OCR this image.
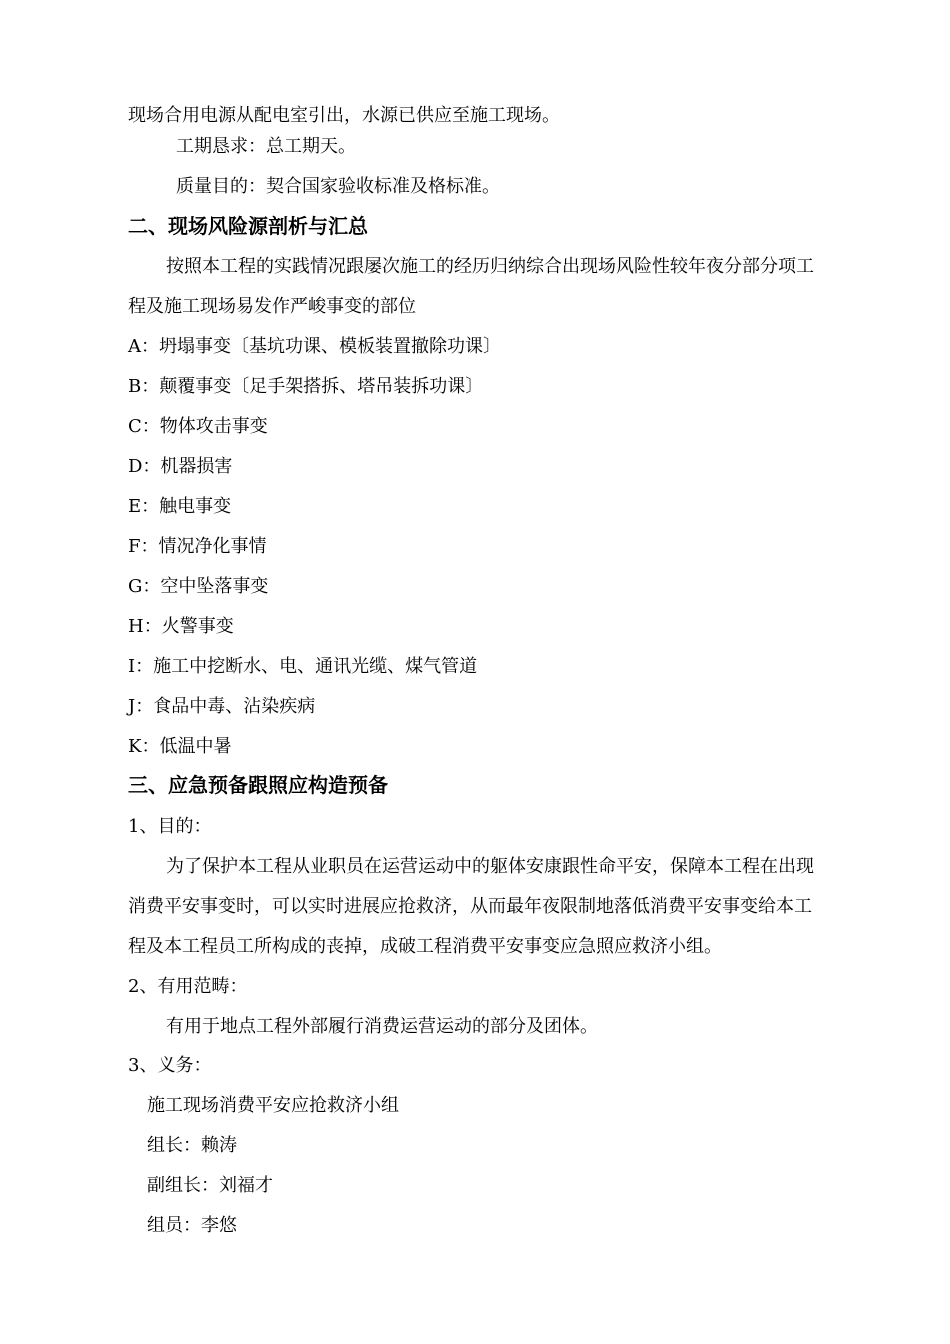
现场合用电源从配电室引出，水源已供应至施工现场。
工期恳求：总工期天。
质量目的：契合国家验收标准及格标准。
二、现场风险源剖析与汇总
按照本工程的实践情况跟屡次施工的经历归纳综合出现场风险性较年夜分部分项工
程及施工现场易发作严峻事变的部位
A：坍塌事变〔基坑功课、模板装置撤除功课〕
B：颠覆事变〔足手架搭拆、塔吊装拆功课〕
C：物体攻击事变
D：机器损害
E：触电事变
F：情况净化事情
G：空中坠落事变
H：火警事变
I：施工中挖断水、电、通讯光缆、煤气管道
J：食品中毒、沾染疾病
K：低温中暑
三、应急预备跟照应构造预备
1、目的：
为了保护本工程从业职员在运营运动中的躯体安康跟性命平安，保障本工程在出现
消费平安事变时，可以实时进展应抢救济，从而最年夜限制地落低消费平安事变给本工
程及本工程员工所构成的丧掉，成破工程消费平安事变应急照应救济小组。
2、有用范畴：
有用于地点工程外部履行消费运营运动的部分及团体。
3、义务：
施工现场消费平安应抢救济小组
组长：赖涛
副组长：刘福才
组员：李悠
